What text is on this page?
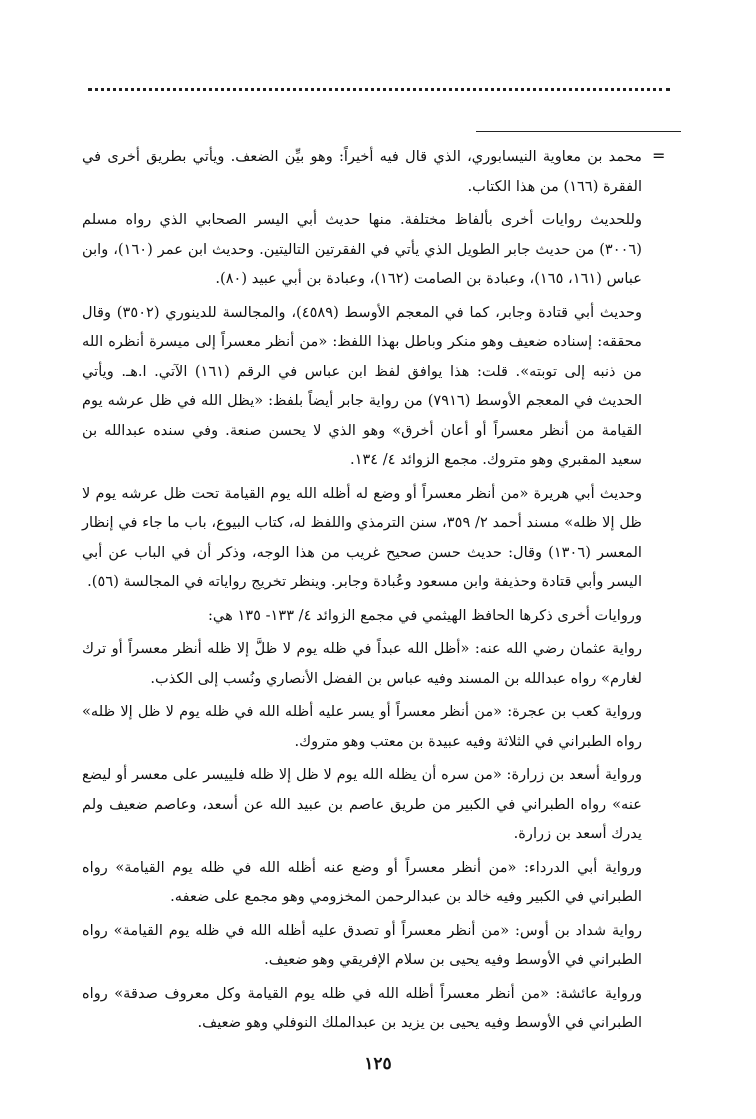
=

محمد بن معاوية النيسابوري، الذي قال فيه أخيراً: وهو بيِّن الضعف. ويأتي بطريق أخرى في الفقرة (١٦٦) من هذا الكتاب.

وللحديث روايات أخرى بألفاظ مختلفة. منها حديث أبي اليسر الصحابي الذي رواه مسلم (٣٠٠٦) من حديث جابر الطويل الذي يأتي في الفقرتين التاليتين. وحديث ابن عمر (١٦٠)، وابن عباس (١٦١، ١٦٥)، وعبادة بن الصامت (١٦٢)، وعبادة بن أبي عبيد (٨٠).

وحديث أبي قتادة وجابر، كما في المعجم الأوسط (٤٥٨٩)، والمجالسة للدينوري (٣٥٠٢) وقال محققه: إسناده ضعيف وهو منكر وباطل بهذا اللفظ: «من أنظر معسراً إلى ميسرة أنظره الله من ذنبه إلى توبته». قلت: هذا يوافق لفظ ابن عباس في الرقم (١٦١) الآتي. ا.هـ. ويأتي الحديث في المعجم الأوسط (٧٩١٦) من رواية جابر أيضاً بلفظ: «يظل الله في ظل عرشه يوم القيامة من أنظر معسراً أو أعان أخرق» وهو الذي لا يحسن صنعة. وفي سنده عبدالله بن سعيد المقبري وهو متروك. مجمع الزوائد ٤/ ١٣٤.

وحديث أبي هريرة «من أنظر معسراً أو وضع له أظله الله يوم القيامة تحت ظل عرشه يوم لا ظل إلا ظله» مسند أحمد ٢/ ٣٥٩، سنن الترمذي واللفظ له، كتاب البيوع، باب ما جاء في إنظار المعسر (١٣٠٦) وقال: حديث حسن صحيح غريب من هذا الوجه، وذكر أن في الباب عن أبي اليسر وأبي قتادة وحذيفة وابن مسعود وعُبادة وجابر. وينظر تخريج رواياته في المجالسة (٥٦).

وروايات أخرى ذكرها الحافظ الهيثمي في مجمع الزوائد ٤/ ١٣٣- ١٣٥ هي:

رواية عثمان رضي الله عنه: «أظل الله عبداً في ظله يوم لا ظلَّ إلا ظله أنظر معسراً أو ترك لغارم» رواه عبدالله بن المسند وفيه عباس بن الفضل الأنصاري ونُسب إلى الكذب.

ورواية كعب بن عجرة: «من أنظر معسراً أو يسر عليه أظله الله في ظله يوم لا ظل إلا ظله» رواه الطبراني في الثلاثة وفيه عبيدة بن معتب وهو متروك.

ورواية أسعد بن زرارة: «من سره أن يظله الله يوم لا ظل إلا ظله فلييسر على معسر أو ليضع عنه» رواه الطبراني في الكبير من طريق عاصم بن عبيد الله عن أسعد، وعاصم ضعيف ولم يدرك أسعد بن زرارة.

ورواية أبي الدرداء: «من أنظر معسراً أو وضع عنه أظله الله في ظله يوم القيامة» رواه الطبراني في الكبير وفيه خالد بن عبدالرحمن المخزومي وهو مجمع على ضعفه.

رواية شداد بن أوس: «من أنظر معسراً أو تصدق عليه أظله الله في ظله يوم القيامة» رواه الطبراني في الأوسط وفيه يحيى بن سلام الإفريقي وهو ضعيف.

ورواية عائشة: «من أنظر معسراً أظله الله في ظله يوم القيامة وكل معروف صدقة» رواه الطبراني في الأوسط وفيه يحيى بن يزيد بن عبدالملك النوفلي وهو ضعيف.

١٢٥
